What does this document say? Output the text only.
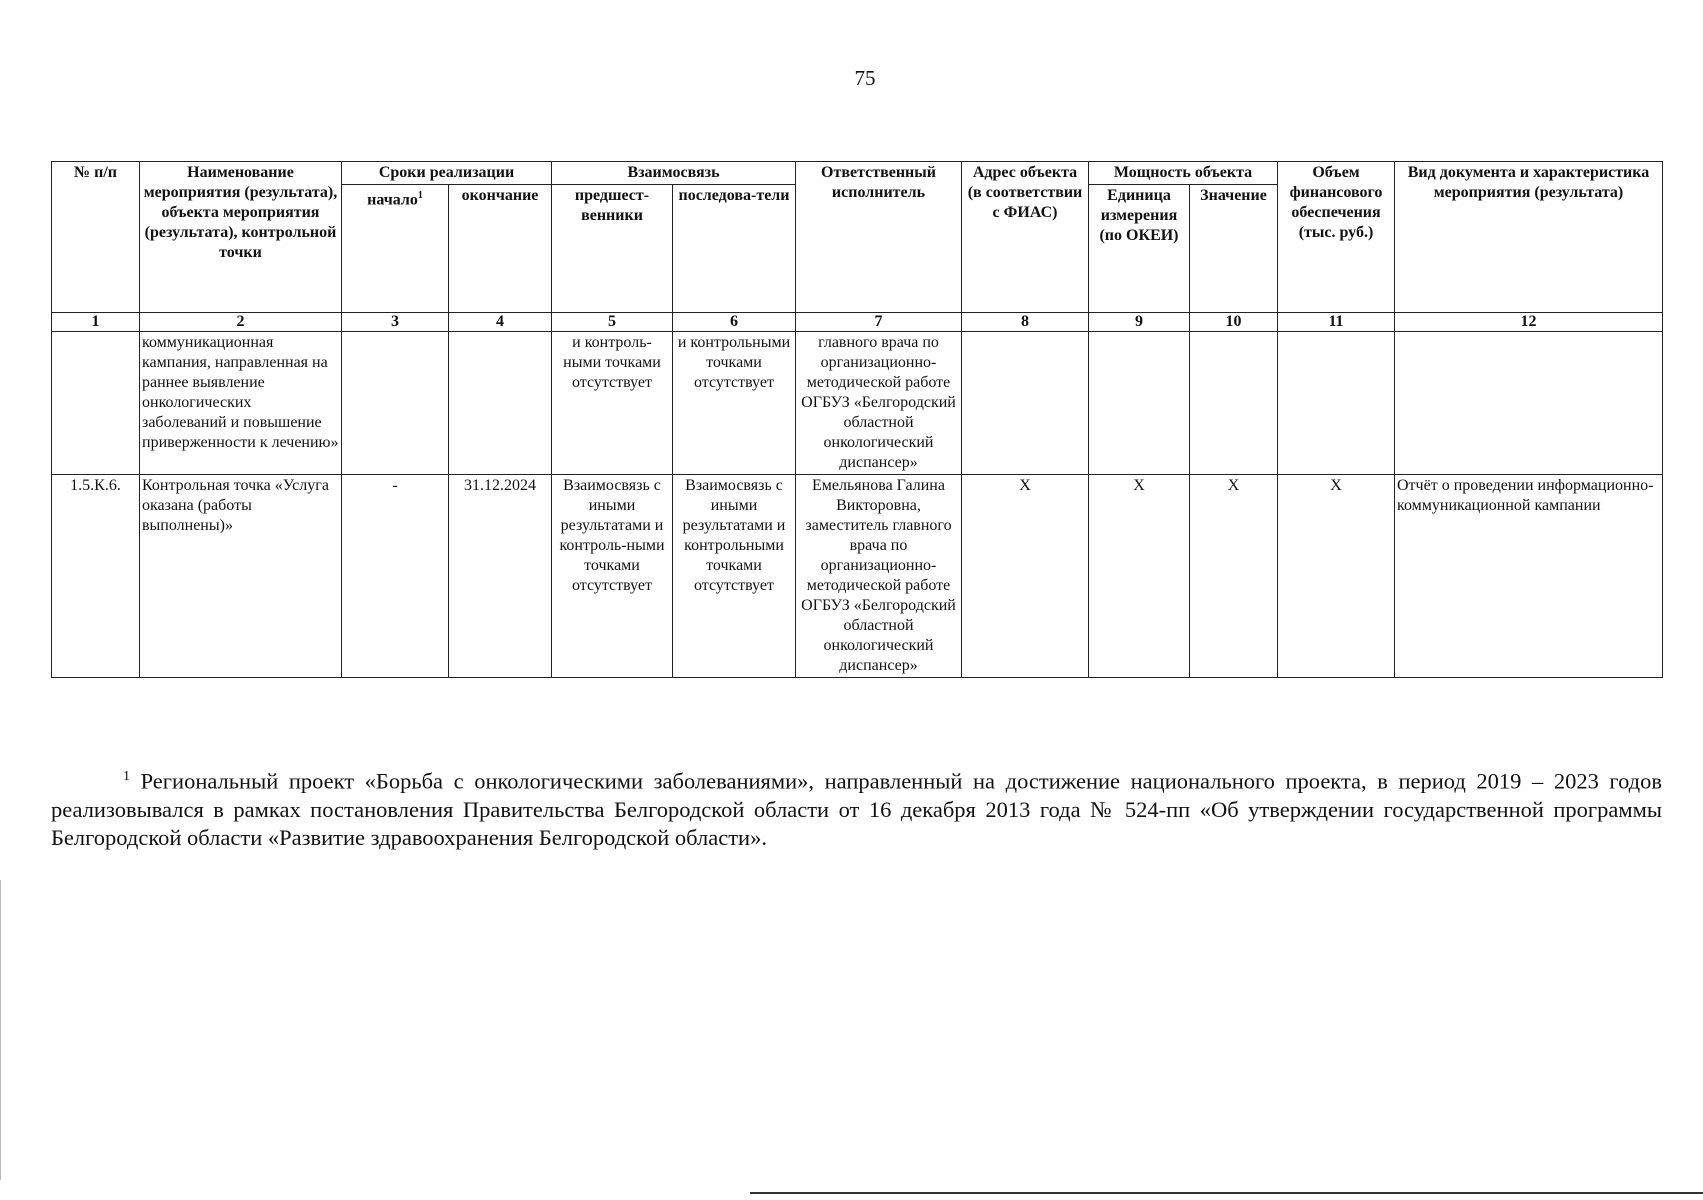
75
№ п/п	Наименование мероприятия (результата), объекта мероприятия (результата), контрольной точки	Сроки реализации		Взаимосвязь		Ответственный исполнитель	Адрес объекта (в соответствии с ФИАС)	Мощность объекта		Объем финансового обеспечения (тыс. руб.)	Вид документа и характеристика мероприятия (результата)
		начало$^1$	окончание	предшест-венники	последова-тели			Единица измерения (по ОКЕИ)	Значение		
1	2	3	4	5	6	7	8	9	10	11	12
	коммуникационная кампания, направленная на раннее выявление онкологических заболеваний и повышение приверженности к лечению»			и контроль-ными точками отсутствует	и контрольными точками отсутствует	главного врача по организационно-методической работе ОГБУЗ «Белгородский областной онкологический диспансер»					
1.5.К.6.	Контрольная точка «Услуга оказана (работы выполнены)»	-	31.12.2024	Взаимосвязь с иными результатами и контроль-ными точками отсутствует	Взаимосвязь с иными результатами и контрольными точками отсутствует	Емельянова Галина Викторовна, заместитель главного врача по организационно-методической работе ОГБУЗ «Белгородский областной онкологический диспансер»	X	X	X	X	Отчёт о проведении информационно-коммуникационной кампании
$^1$ Региональный проект «Борьба с онкологическими заболеваниями», направленный на достижение национального проекта, в период 2019 – 2023 годов реализовывался в рамках постановления Правительства Белгородской области от 16 декабря 2013 года № 524-пп «Об утверждении государственной программы Белгородской области «Развитие здравоохранения Белгородской области».
